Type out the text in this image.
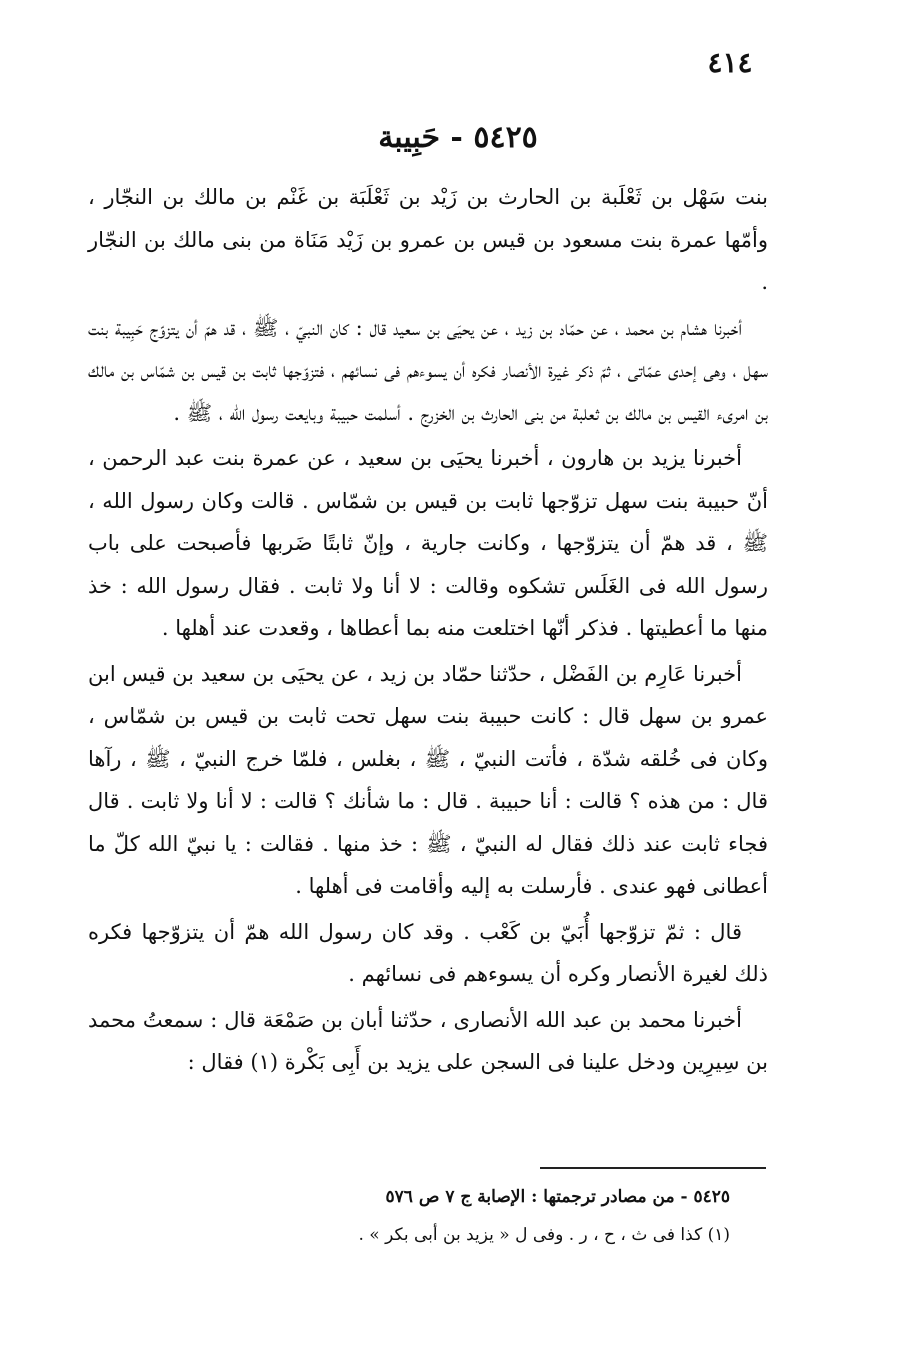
٤١٤
٥٤٢٥ - حَبِيبة

بنت سَهْل بن ثَعْلَبة بن الحارث بن زَيْد بن ثَعْلَبَة بن غَنْم بن مالك بن النجّار ، وأمّها عمرة بنت مسعود بن قيس بن عمرو بن زَيْد مَنَاة من بنى مالك بن النجّار .

أخبرنا هشام بن محمد ، عن حمّاد بن زيد ، عن يحيَى بن سعيد قال : كان النبيّ ، ﷺ ، قد همّ أن يتزوّج حَبِيبة بنت سهل ، وهى إحدى عمّاتى ، ثمّ ذكر غيرة الأنصار فكره أن يسوءهم فى نسائهم ، فتزوّجها ثابت بن قيس بن شمّاس بن مالك بن امرىء القيس بن مالك بن ثعلبة من بنى الحارث بن الخزرج . أسلمت حبيبة وبايعت رسول الله ، ﷺ .

أخبرنا يزيد بن هارون ، أخبرنا يحيَى بن سعيد ، عن عمرة بنت عبد الرحمن ، أنّ حبيبة بنت سهل تزوّجها ثابت بن قيس بن شمّاس . قالت وكان رسول الله ، ﷺ ، قد همّ أن يتزوّجها ، وكانت جارية ، وإنّ ثابتًا ضَربها فأصبحت على باب رسول الله فى الغَلَس تشكوه وقالت : لا أنا ولا ثابت . فقال رسول الله : خذ منها ما أعطيتها . فذكر أنّها اختلعت منه بما أعطاها ، وقعدت عند أهلها .

أخبرنا عَارِم بن الفَضْل ، حدّثنا حمّاد بن زيد ، عن يحيَى بن سعيد بن قيس ابن عمرو بن سهل قال : كانت حبيبة بنت سهل تحت ثابت بن قيس بن شمّاس ، وكان فى خُلقه شدّة ، فأتت النبيّ ، ﷺ ، بغلس ، فلمّا خرج النبيّ ، ﷺ ، رآها قال : من هذه ؟ قالت : أنا حبيبة . قال : ما شأنك ؟ قالت : لا أنا ولا ثابت . قال فجاء ثابت عند ذلك فقال له النبيّ ، ﷺ : خذ منها . فقالت : يا نبيّ الله كلّ ما أعطانى فهو عندى . فأرسلت به إليه وأقامت فى أهلها .

قال : ثمّ تزوّجها أُبَيّ بن كَعْب . وقد كان رسول الله همّ أن يتزوّجها فكره ذلك لغيرة الأنصار وكره أن يسوءهم فى نسائهم .

أخبرنا محمد بن عبد الله الأنصارى ، حدّثنا أبان بن صَمْعَة قال : سمعتُ محمد بن سِيرِين ودخل علينا فى السجن على يزيد بن أَبِى بَكْرة (١) فقال :

٥٤٢٥ - من مصادر ترجمتها : الإصابة ج ٧ ص ٥٧٦
(١) كذا فى ث ، ح ، ر . وفى ل « يزيد بن أبى بكر » .
